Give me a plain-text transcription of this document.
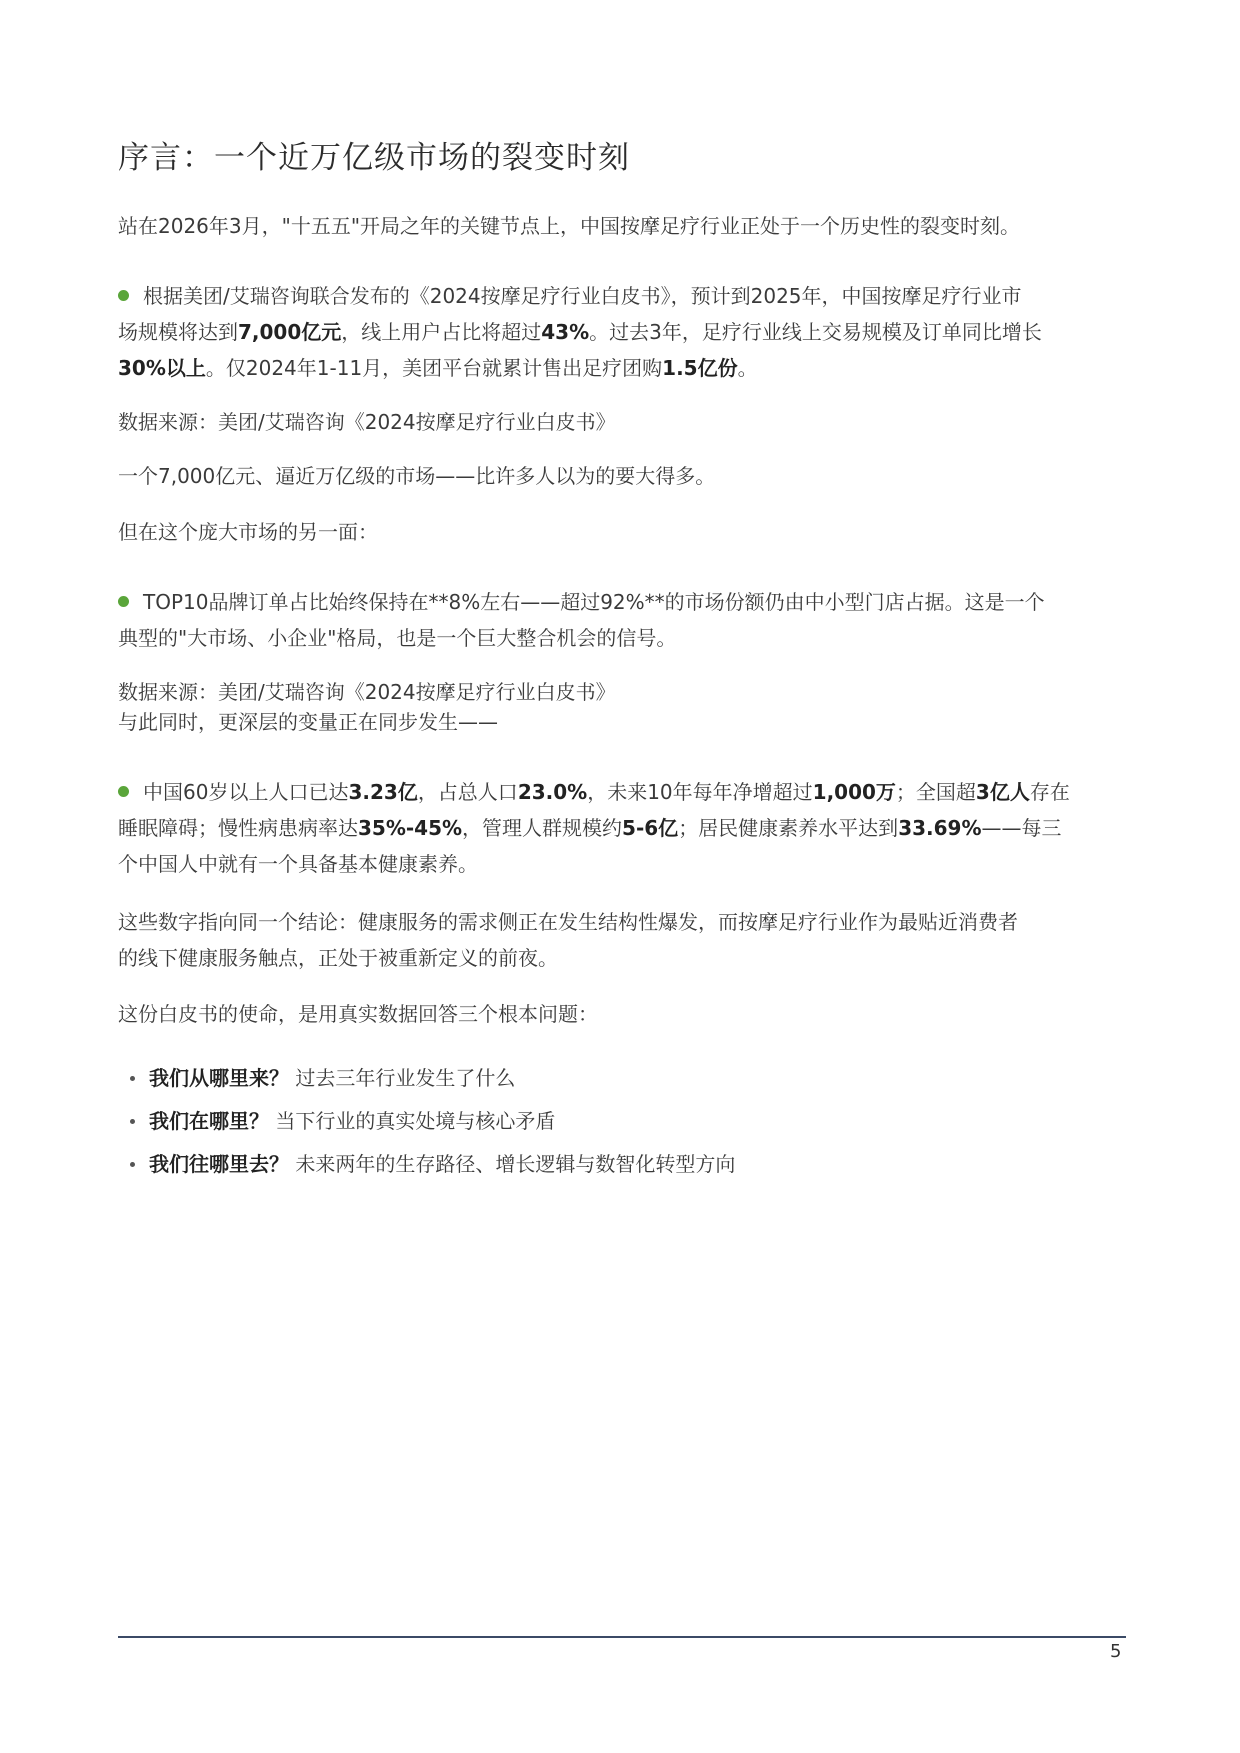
序言：一个近万亿级市场的裂变时刻
站在2026年3月，"十五五"开局之年的关键节点上，中国按摩足疗行业正处于一个历史性的裂变时刻。
根据美团/艾瑞咨询联合发布的《2024按摩足疗行业白皮书》，预计到2025年，中国按摩足疗行业市
场规模将达到7,000亿元，线上用户占比将超过43%。过去3年，足疗行业线上交易规模及订单同比增长
30%以上。仅2024年1-11月，美团平台就累计售出足疗团购1.5亿份。
数据来源：美团/艾瑞咨询《2024按摩足疗行业白皮书》
一个7,000亿元、逼近万亿级的市场——比许多人以为的要大得多。
但在这个庞大市场的另一面：
TOP10品牌订单占比始终保持在**8%左右——超过92%**的市场份额仍由中小型门店占据。这是一个
典型的"大市场、小企业"格局，也是一个巨大整合机会的信号。
数据来源：美团/艾瑞咨询《2024按摩足疗行业白皮书》
与此同时，更深层的变量正在同步发生——
中国60岁以上人口已达3.23亿，占总人口23.0%，未来10年每年净增超过1,000万；全国超3亿人存在
睡眠障碍；慢性病患病率达35%-45%，管理人群规模约5-6亿；居民健康素养水平达到33.69%——每三
个中国人中就有一个具备基本健康素养。
这些数字指向同一个结论：健康服务的需求侧正在发生结构性爆发，而按摩足疗行业作为最贴近消费者
的线下健康服务触点，正处于被重新定义的前夜。
这份白皮书的使命，是用真实数据回答三个根本问题：
我们从哪里来？ 过去三年行业发生了什么
我们在哪里？ 当下行业的真实处境与核心矛盾
我们往哪里去？ 未来两年的生存路径、增长逻辑与数智化转型方向
5
